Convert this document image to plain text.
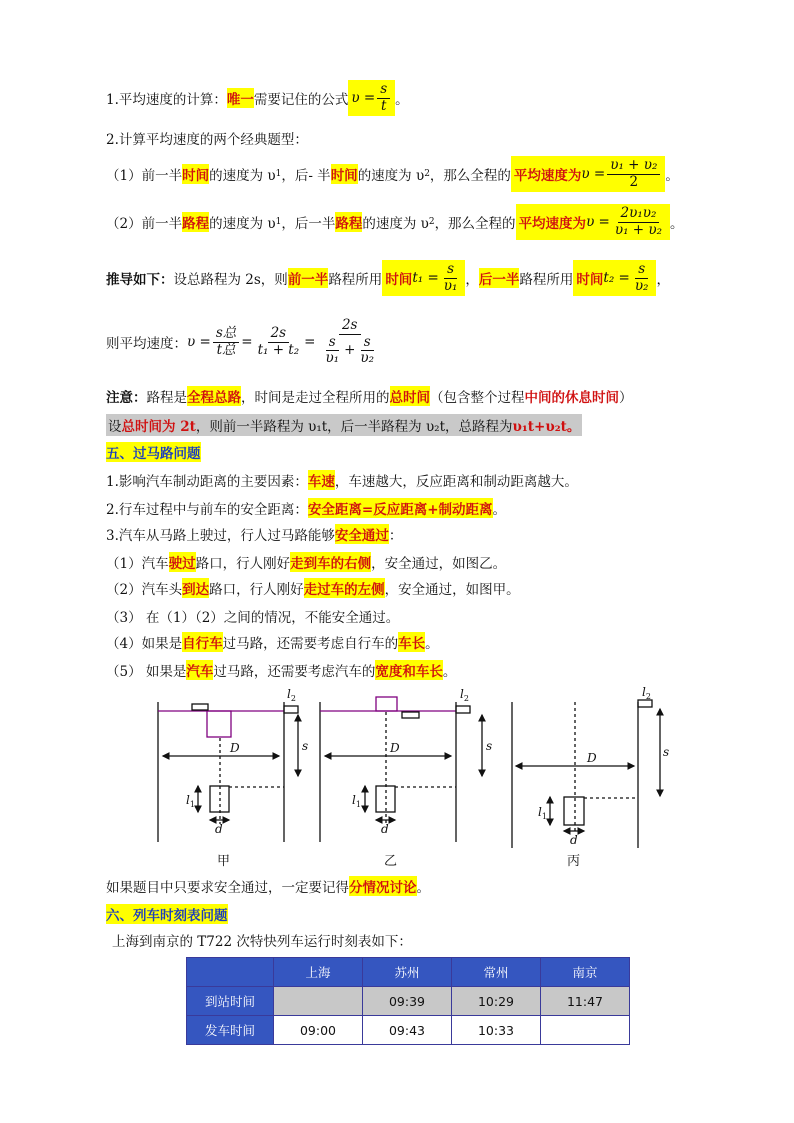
1.平均速度的计算： 唯一 需要记住的公式 $\upsilon = \frac{s}{t}$ 。
2.计算平均速度的两个经典题型：
（1）前一半 时间 的速度为 υ 1 ，后- 半 时间 的速度为 υ 2 ，那么全程的 平均速度为 $\upsilon = \frac{\text{υ₁ + υ₂}}{2}$ 。
（2）前一半 路程 的速度为 υ 1 ，后一半 路程 的速度为 υ 2 ，那么全程的 平均速度为 $\upsilon = \frac{\text{2υ₁υ₂}}{\text{υ₁ + υ₂}}$ 。
推导如下： 设总路程为 2s，则 前一半 路程所用 时间 $t_1 = \frac{s}{\text{υ₁}}$ ， 后一半 路程所用 时间 $t_2 = \frac{s}{\text{υ₂}}$ ，
则平均速度： $\upsilon = \frac{\text{s总}}{\text{t总}} = \frac{2s}{\text{t₁ + t₂}} = \frac{2s}{\frac{s}{\text{υ₁}} + \frac{s}{\text{υ₂}}}$
注意： 路程是 全程总路 ，时间是走过全程所用的 总时间 （包含整个过程 中间的休息时间 ）
设 总时间为 2t ，则前一半路程为 υ₁t，后一半路程为 υ₂t，总路程为 υ₁t+υ₂t。
五、过马路问题
1.影响汽车制动距离的主要因素： 车速 ，车速越大，反应距离和制动距离越大。
2.行车过程中与前车的安全距离： 安全距离=反应距离+制动距离 。
3.汽车从马路上驶过，行人过马路能够 安全通过 ：
（1）汽车 驶过 路口，行人刚好 走到车的右侧 ，安全通过，如图乙。
（2）汽车头 到达 路口，行人刚好 走过车的左侧 ，安全通过，如图甲。
（3） 在（1）（2）之间的情况，不能安全通过。
（4）如果是 自行车 过马路，还需要考虑自行车的 车长 。
（5） 如果是 汽车 过马路，还需要考虑汽车的 宽度和车长 。
D	D
D
s	s	s
$l_1$	$l_1$
$l_1$
$l_2$	$l_2$	$l_2$
d	d
d
甲	乙	丙
如果题目中只要求安全通过，一定要记得 分情况讨论 。
六、列车时刻表问题
上海到南京的 T722 次特快列车运行时刻表如下：
	上海	苏州	常州	南京
到站时间		09:39	10:29	11:47
发车时间	09:00	09:43	10:33	
